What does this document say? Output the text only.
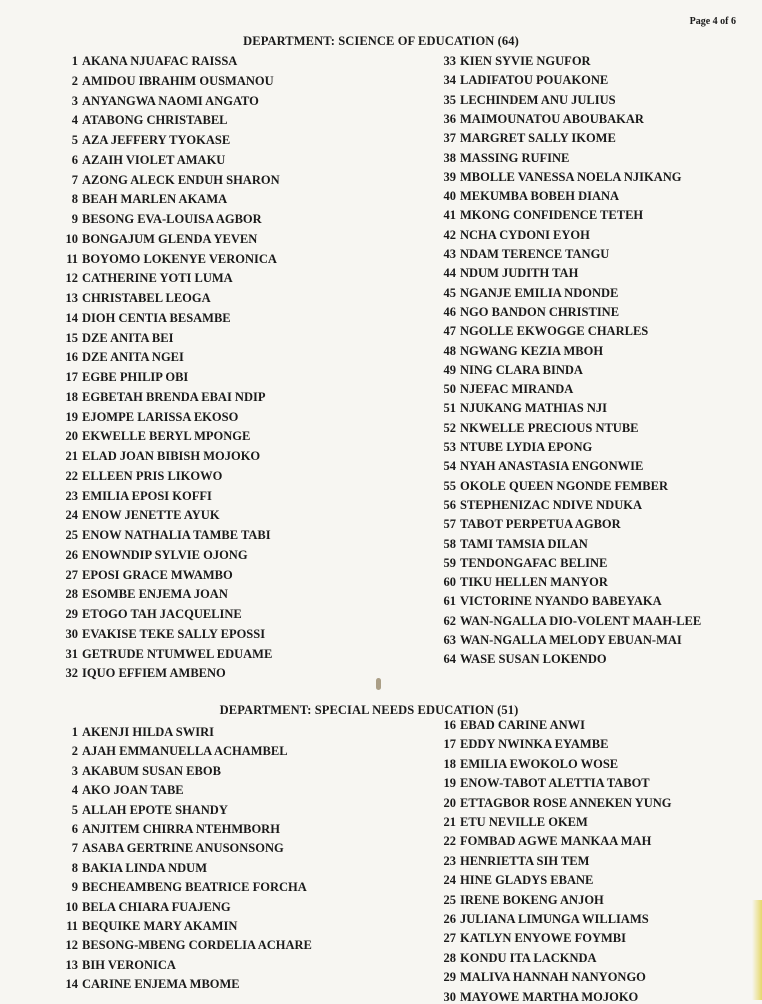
Page 4 of 6
DEPARTMENT: SCIENCE OF EDUCATION (64)
1 AKANA NJUAFAC RAISSA
2 AMIDOU IBRAHIM OUSMANOU
3 ANYANGWA NAOMI ANGATO
4 ATABONG CHRISTABEL
5 AZA JEFFERY TYOKASE
6 AZAIH VIOLET AMAKU
7 AZONG ALECK ENDUH SHARON
8 BEAH MARLEN AKAMA
9 BESONG EVA-LOUISA AGBOR
10 BONGAJUM GLENDA YEVEN
11 BOYOMO LOKENYE VERONICA
12 CATHERINE YOTI LUMA
13 CHRISTABEL LEOGA
14 DIOH CENTIA BESAMBE
15 DZE ANITA BEI
16 DZE ANITA NGEI
17 EGBE PHILIP OBI
18 EGBETAH BRENDA EBAI NDIP
19 EJOMPE LARISSA EKOSO
20 EKWELLE BERYL MPONGE
21 ELAD JOAN BIBISH MOJOKO
22 ELLEEN PRIS LIKOWO
23 EMILIA EPOSI KOFFI
24 ENOW JENETTE AYUK
25 ENOW NATHALIA TAMBE TABI
26 ENOWNDIP SYLVIE OJONG
27 EPOSI GRACE MWAMBO
28 ESOMBE ENJEMA JOAN
29 ETOGO TAH JACQUELINE
30 EVAKISE TEKE SALLY EPOSSI
31 GETRUDE NTUMWEL EDUAME
32 IQUO EFFIEM AMBENO
33 KIEN SYVIE NGUFOR
34 LADIFATOU POUAKONE
35 LECHINDEM ANU JULIUS
36 MAIMOUNATOU ABOUBAKAR
37 MARGRET SALLY IKOME
38 MASSING RUFINE
39 MBOLLE VANESSA NOELA NJIKANG
40 MEKUMBA BOBEH DIANA
41 MKONG CONFIDENCE TETEH
42 NCHA CYDONI EYOH
43 NDAM TERENCE TANGU
44 NDUM JUDITH TAH
45 NGANJE EMILIA NDONDE
46 NGO BANDON CHRISTINE
47 NGOLLE EKWOGGE CHARLES
48 NGWANG KEZIA MBOH
49 NING CLARA BINDA
50 NJEFAC MIRANDA
51 NJUKANG MATHIAS NJI
52 NKWELLE PRECIOUS NTUBE
53 NTUBE LYDIA EPONG
54 NYAH ANASTASIA ENGONWIE
55 OKOLE QUEEN NGONDE FEMBER
56 STEPHENIZAC NDIVE NDUKA
57 TABOT PERPETUA AGBOR
58 TAMI TAMSIA DILAN
59 TENDONGAFAC BELINE
60 TIKU HELLEN MANYOR
61 VICTORINE NYANDO BABEYAKA
62 WAN-NGALLA DIO-VOLENT MAAH-LEE
63 WAN-NGALLA MELODY EBUAN-MAI
64 WASE SUSAN LOKENDO
DEPARTMENT: SPECIAL NEEDS EDUCATION (51)
1 AKENJI HILDA SWIRI
2 AJAH EMMANUELLA ACHAMBEL
3 AKABUM SUSAN EBOB
4 AKO JOAN TABE
5 ALLAH EPOTE SHANDY
6 ANJITEM CHIRRA NTEHMBORH
7 ASABA GERTRINE ANUSONSONG
8 BAKIA LINDA NDUM
9 BECHEAMBENG BEATRICE FORCHA
10 BELA CHIARA FUAJENG
11 BEQUIKE MARY AKAMIN
12 BESONG-MBENG CORDELIA ACHARE
13 BIH VERONICA
14 CARINE ENJEMA MBOME
16 EBAD CARINE ANWI
17 EDDY NWINKA EYAMBE
18 EMILIA EWOKOLO WOSE
19 ENOW-TABOT ALETTIA TABOT
20 ETTAGBOR ROSE ANNEKEN YUNG
21 ETU NEVILLE OKEM
22 FOMBAD AGWE MANKAA MAH
23 HENRIETTA SIH TEM
24 HINE GLADYS EBANE
25 IRENE BOKENG ANJOH
26 JULIANA LIMUNGA WILLIAMS
27 KATLYN ENYOWE FOYMBI
28 KONDU ITA LACKNDA
29 MALIVA HANNAH NANYONGO
30 MAYOWE MARTHA MOJOKO
